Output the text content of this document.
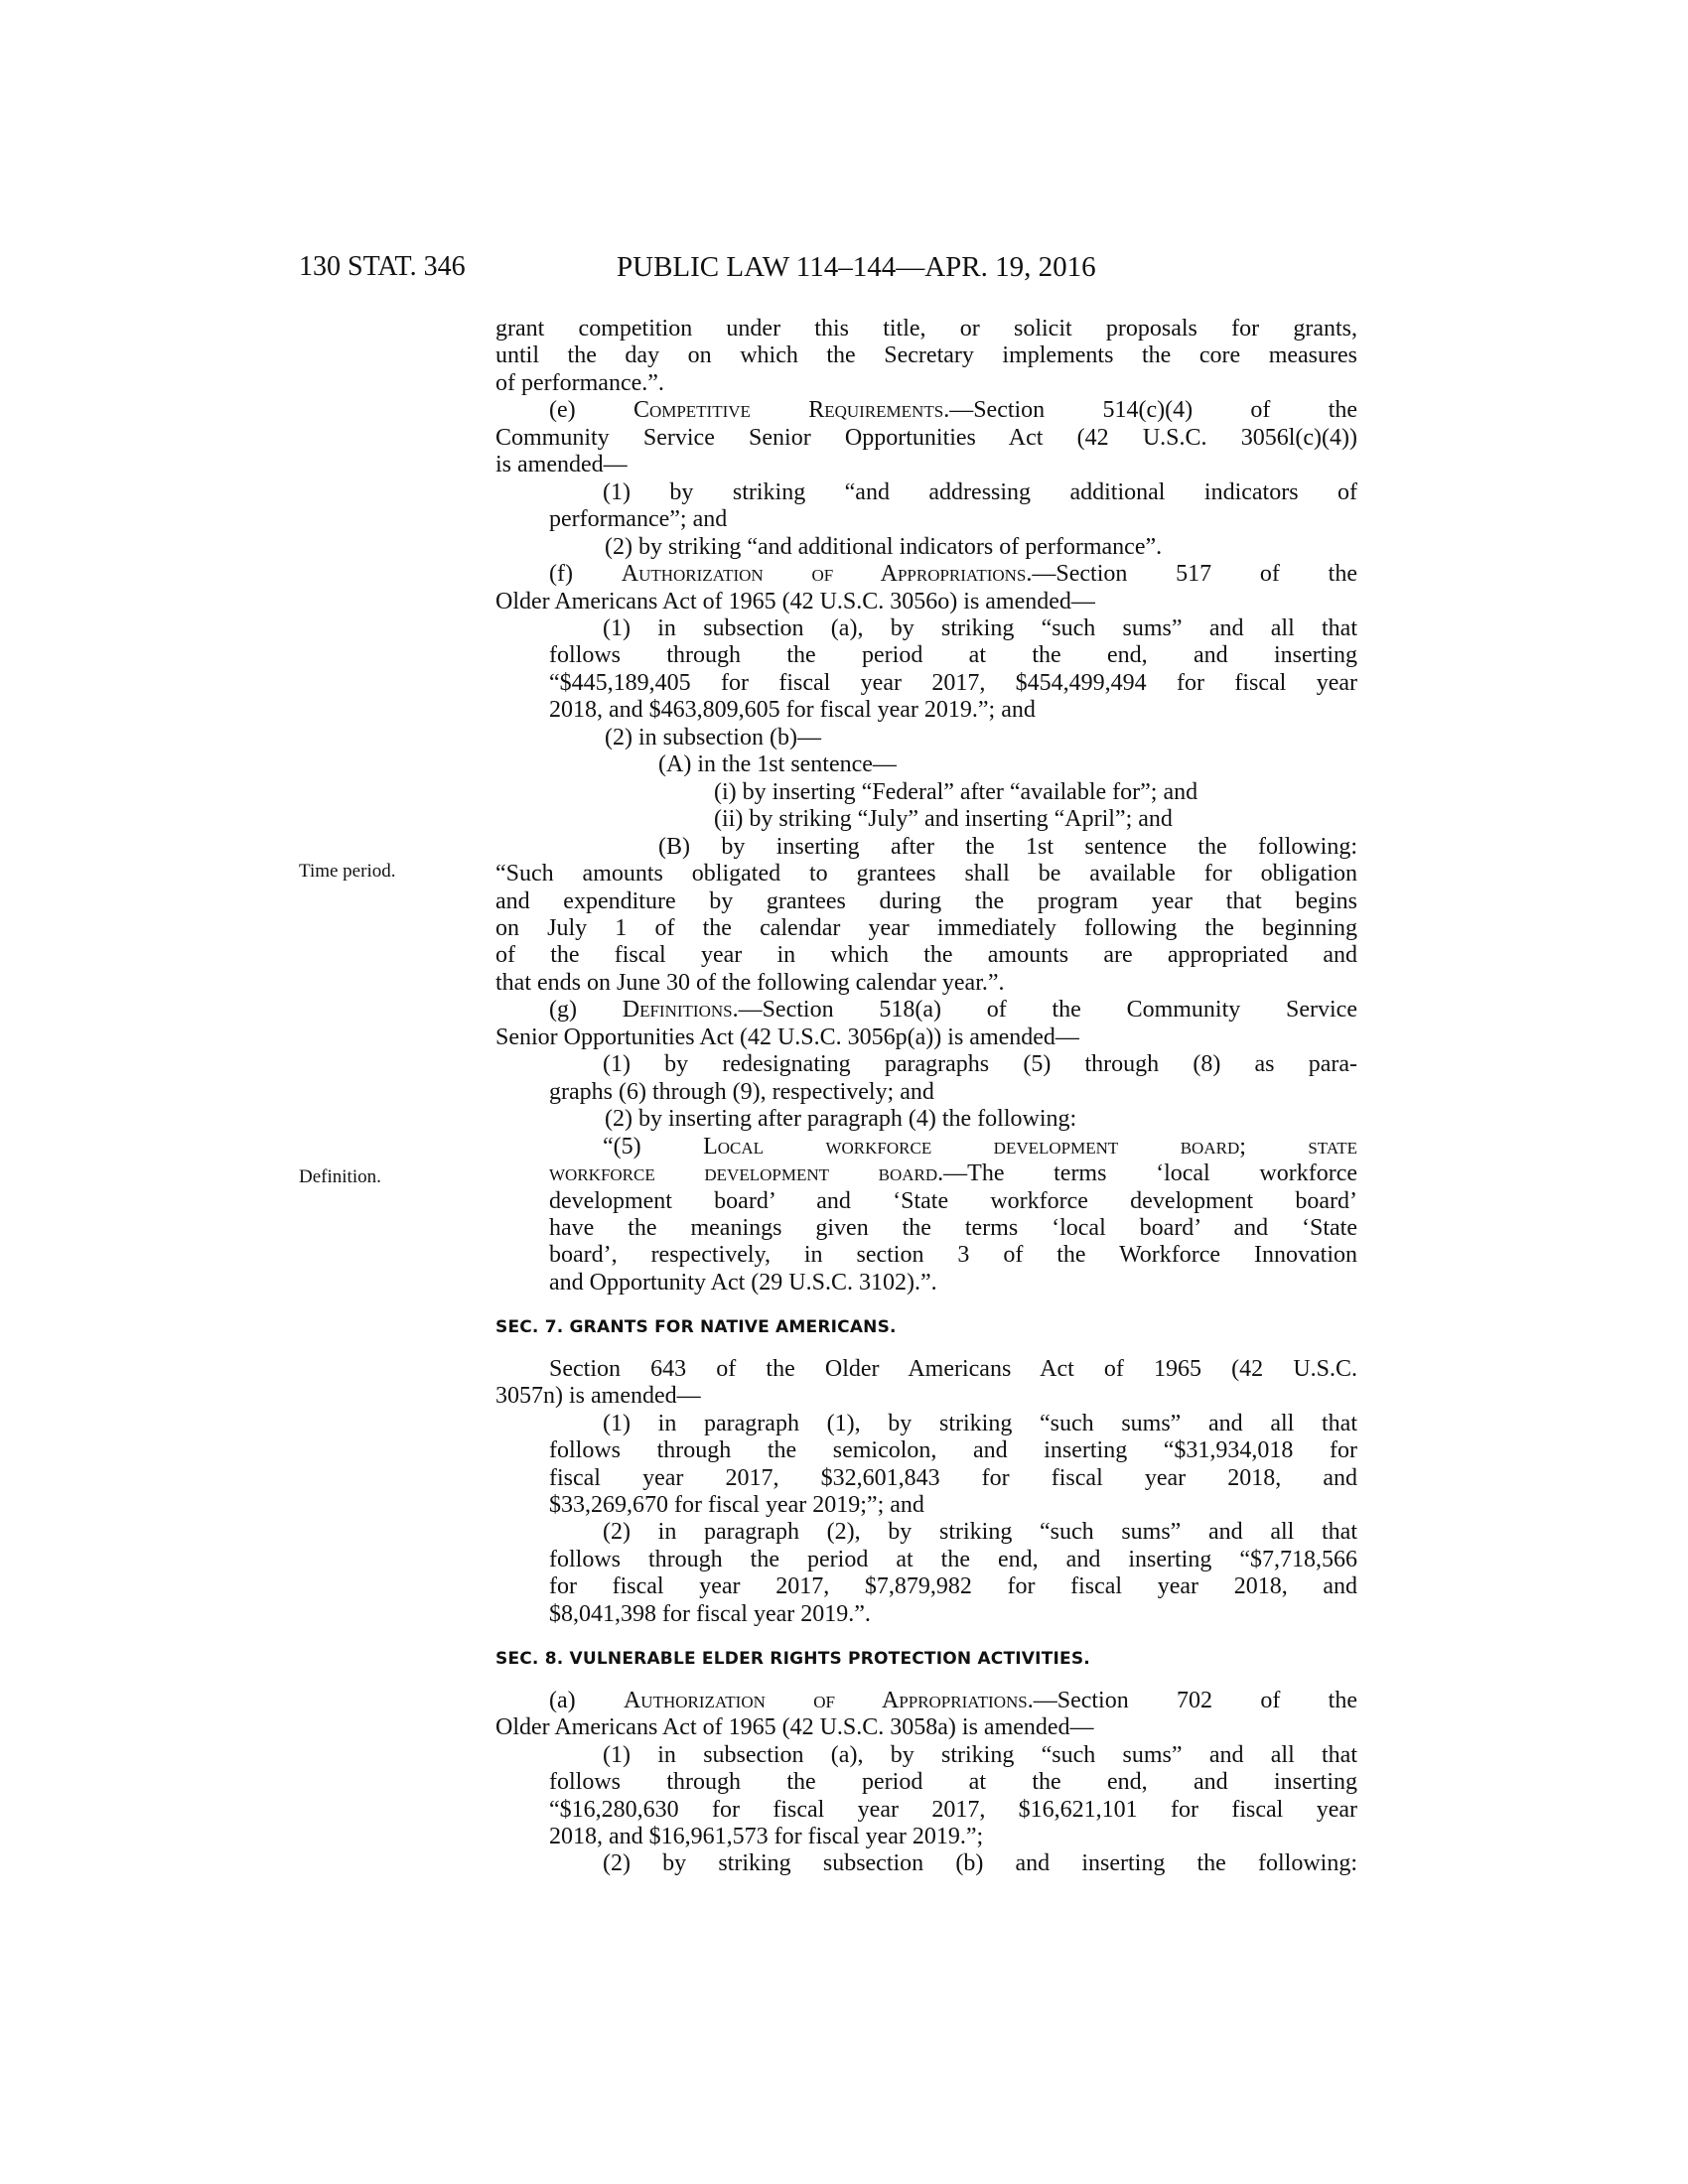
130 STAT. 346	PUBLIC LAW 114–144—APR. 19, 2016
Time period.
Definition.

grant competition under this title, or solicit proposals for grants,

until the day on which the Secretary implements the core measures

of performance.”.

(e) Competitive Requirements.—Section 514(c)(4) of the

Community Service Senior Opportunities Act (42 U.S.C. 3056l(c)(4))

is amended—

(1) by striking “and addressing additional indicators of

performance”; and

(2) by striking “and additional indicators of performance”.

(f) Authorization of Appropriations.—Section 517 of the

Older Americans Act of 1965 (42 U.S.C. 3056o) is amended—

(1) in subsection (a), by striking “such sums” and all that

follows through the period at the end, and inserting

“$445,189,405 for fiscal year 2017, $454,499,494 for fiscal year

2018, and $463,809,605 for fiscal year 2019.”; and

(2) in subsection (b)—

(A) in the 1st sentence—

(i) by inserting “Federal” after “available for”; and

(ii) by striking “July” and inserting “April”; and

(B) by inserting after the 1st sentence the following:

“Such amounts obligated to grantees shall be available for obligation

and expenditure by grantees during the program year that begins

on July 1 of the calendar year immediately following the beginning

of the fiscal year in which the amounts are appropriated and

that ends on June 30 of the following calendar year.”.

(g) Definitions.—Section 518(a) of the Community Service

Senior Opportunities Act (42 U.S.C. 3056p(a)) is amended—

(1) by redesignating paragraphs (5) through (8) as para-

graphs (6) through (9), respectively; and

(2) by inserting after paragraph (4) the following:

“(5) Local workforce development board; state

workforce development board.—The terms ‘local workforce

development board’ and ‘State workforce development board’

have the meanings given the terms ‘local board’ and ‘State

board’, respectively, in section 3 of the Workforce Innovation

and Opportunity Act (29 U.S.C. 3102).”.

SEC. 7. GRANTS FOR NATIVE AMERICANS.

Section 643 of the Older Americans Act of 1965 (42 U.S.C.

3057n) is amended—

(1) in paragraph (1), by striking “such sums” and all that

follows through the semicolon, and inserting “$31,934,018 for

fiscal year 2017, $32,601,843 for fiscal year 2018, and

$33,269,670 for fiscal year 2019;”; and

(2) in paragraph (2), by striking “such sums” and all that

follows through the period at the end, and inserting “$7,718,566

for fiscal year 2017, $7,879,982 for fiscal year 2018, and

$8,041,398 for fiscal year 2019.”.

SEC. 8. VULNERABLE ELDER RIGHTS PROTECTION ACTIVITIES.

(a) Authorization of Appropriations.—Section 702 of the

Older Americans Act of 1965 (42 U.S.C. 3058a) is amended—

(1) in subsection (a), by striking “such sums” and all that

follows through the period at the end, and inserting

“$16,280,630 for fiscal year 2017, $16,621,101 for fiscal year

2018, and $16,961,573 for fiscal year 2019.”;

(2) by striking subsection (b) and inserting the following:
